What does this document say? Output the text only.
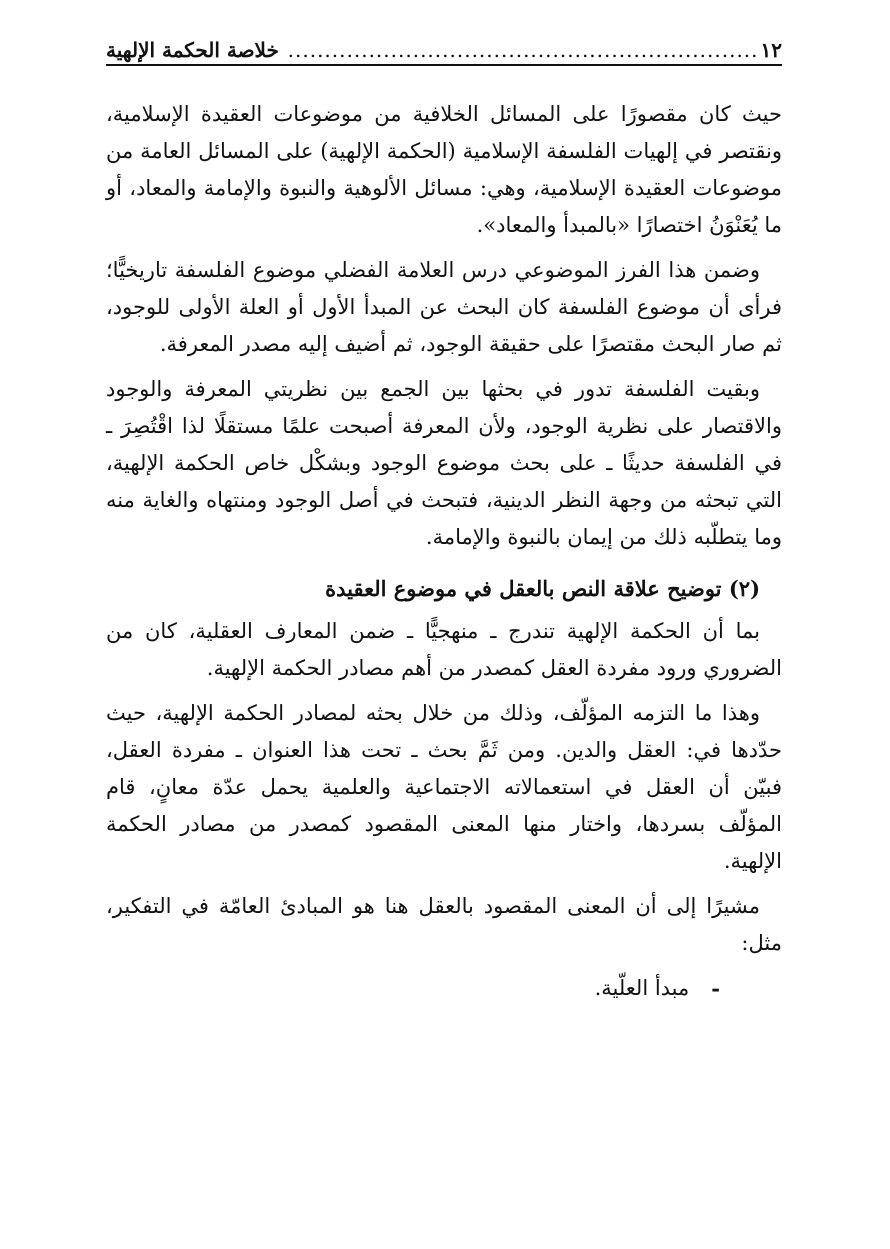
١٢
................................................................
خلاصة الحكمة الإلهية

حيث كان مقصورًا على المسائل الخلافية من موضوعات العقيدة الإسلامية، ونقتصر في إلهيات الفلسفة الإسلامية (الحكمة الإلهية) على المسائل العامة من موضوعات العقيدة الإسلامية، وهي: مسائل الألوهية والنبوة والإمامة والمعاد، أو ما يُعَنْوَنُ اختصارًا «بالمبدأ والمعاد».

وضمن هذا الفرز الموضوعي درس العلامة الفضلي موضوع الفلسفة تاريخيًّا؛ فرأى أن موضوع الفلسفة كان البحث عن المبدأ الأول أو العلة الأولى للوجود، ثم صار البحث مقتصرًا على حقيقة الوجود، ثم أضيف إليه مصدر المعرفة.

وبقيت الفلسفة تدور في بحثها بين الجمع بين نظريتي المعرفة والوجود والاقتصار على نظرية الوجود، ولأن المعرفة أصبحت علمًا مستقلًا لذا اقْتُصِرَ ـ في الفلسفة حديثًا ـ على بحث موضوع الوجود وبشكْل خاص الحكمة الإلهية، التي تبحثه من وجهة النظر الدينية، فتبحث في أصل الوجود ومنتهاه والغاية منه وما يتطلّبه ذلك من إيمان بالنبوة والإمامة.

(٢) توضيح علاقة النص بالعقل في موضوع العقيدة

بما أن الحكمة الإلهية تندرج ـ منهجيًّا ـ ضمن المعارف العقلية، كان من الضروري ورود مفردة العقل كمصدر من أهم مصادر الحكمة الإلهية.

وهذا ما التزمه المؤلّف، وذلك من خلال بحثه لمصادر الحكمة الإلهية، حيث حدّدها في: العقل والدين. ومن ثَمَّ بحث ـ تحت هذا العنوان ـ مفردة العقل، فبيّن أن العقل في استعمالاته الاجتماعية والعلمية يحمل عدّة معانٍ، قام المؤلّف بسردها، واختار منها المعنى المقصود كمصدر من مصادر الحكمة الإلهية.

مشيرًا إلى أن المعنى المقصود بالعقل هنا هو المبادئ العامّة في التفكير، مثل:

-
مبدأ العلّية.
